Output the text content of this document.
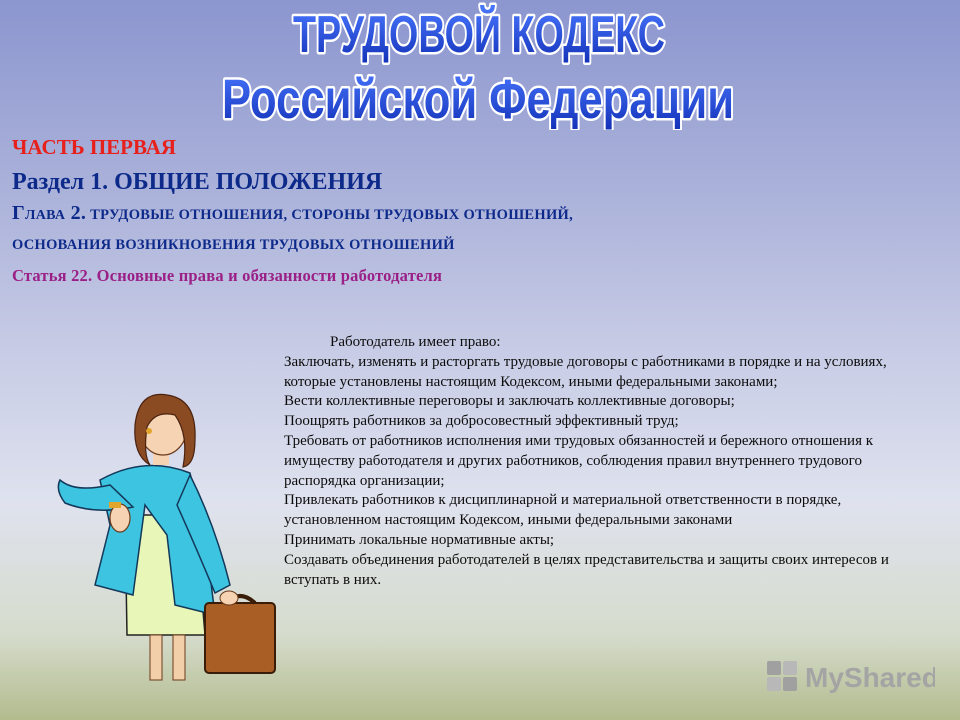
ТРУДОВОЙ КОДЕКС
Российской Федерации
ЧАСТЬ ПЕРВАЯ
Раздел 1. ОБЩИЕ ПОЛОЖЕНИЯ
Глава 2. ТРУДОВЫЕ ОТНОШЕНИЯ, СТОРОНЫ ТРУДОВЫХ ОТНОШЕНИЙ,
ОСНОВАНИЯ ВОЗНИКНОВЕНИЯ ТРУДОВЫХ ОТНОШЕНИЙ
Статья 22. Основные права и обязанности работодателя
Работодатель имеет право:

Заключать, изменять и расторгать трудовые договоры с работниками в порядке и на условиях, которые установлены настоящим Кодексом, иными федеральными законами;

Вести коллективные переговоры и заключать коллективные договоры;

Поощрять работников за добросовестный эффективный труд;

Требовать от работников исполнения ими трудовых обязанностей и бережного отношения к имуществу работодателя и других работников, соблюдения правил внутреннего трудового распорядка организации;

Привлекать работников к дисциплинарной и материальной ответственности в порядке, установленном настоящим Кодексом, иными федеральными законами

Принимать локальные нормативные акты;

Создавать объединения работодателей в целях представительства и защиты своих интересов и вступать в них.

MyShared
